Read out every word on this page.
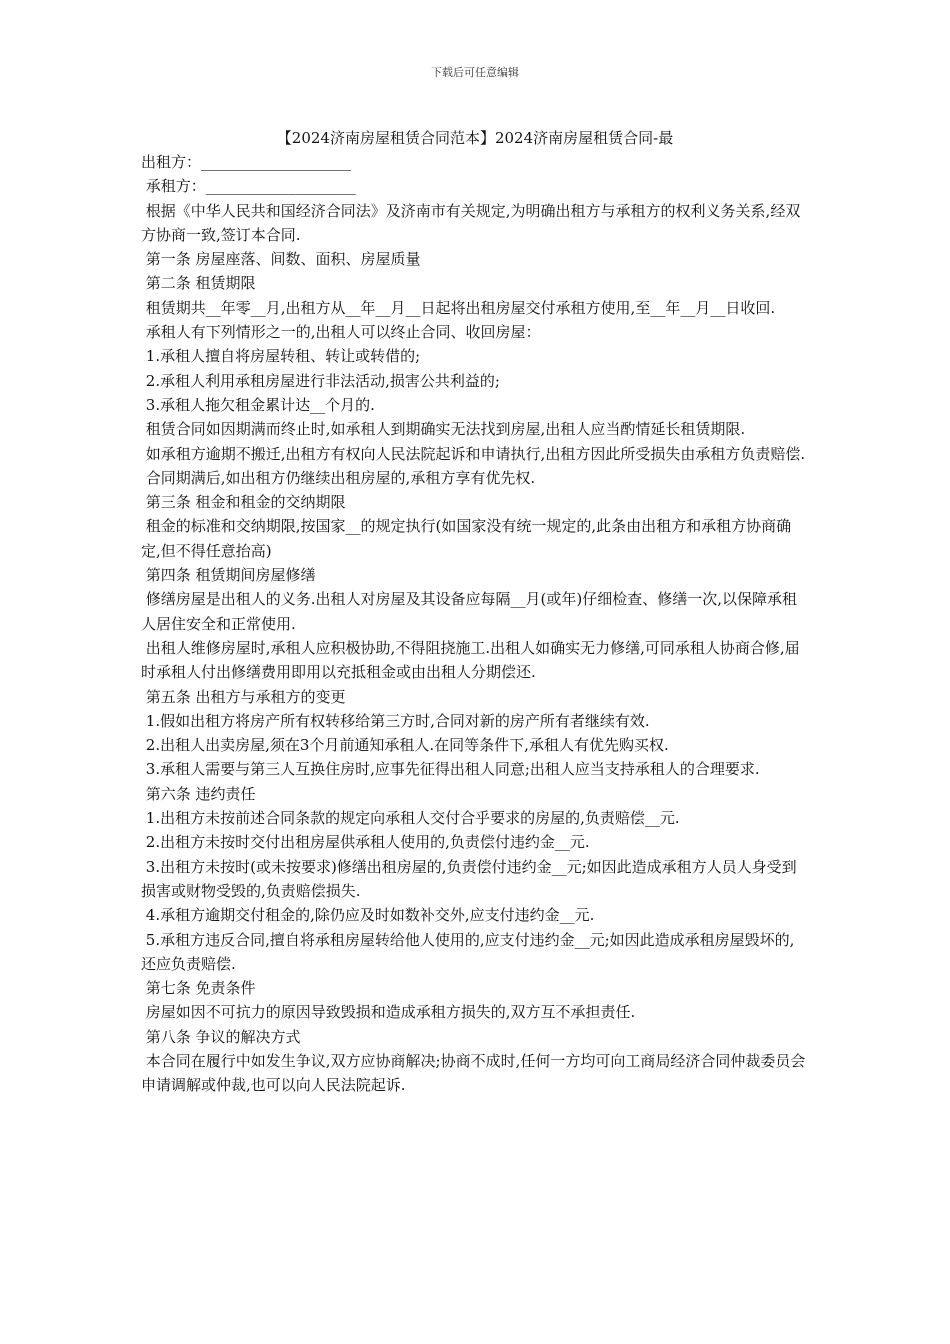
下载后可任意编辑
【2024济南房屋租赁合同范本】2024济南房屋租赁合同-最

出租方：____________________

承租方：____________________

根据《中华人民共和国经济合同法》及济南市有关规定,为明确出租方与承租方的权利义务关系,经双方协商一致,签订本合同.

第一条 房屋座落、间数、面积、房屋质量

第二条 租赁期限

租赁期共__年零__月,出租方从__年__月__日起将出租房屋交付承租方使用,至__年__月__日收回.

承租人有下列情形之一的,出租人可以终止合同、收回房屋：

1.承租人擅自将房屋转租、转让或转借的;

2.承租人利用承租房屋进行非法活动,损害公共利益的;

3.承租人拖欠租金累计达__个月的.

租赁合同如因期满而终止时,如承租人到期确实无法找到房屋,出租人应当酌情延长租赁期限.

如承租方逾期不搬迁,出租方有权向人民法院起诉和申请执行,出租方因此所受损失由承租方负责赔偿.

合同期满后,如出租方仍继续出租房屋的,承租方享有优先权.

第三条 租金和租金的交纳期限

租金的标准和交纳期限,按国家__的规定执行(如国家没有统一规定的,此条由出租方和承租方协商确定,但不得任意抬高)

第四条 租赁期间房屋修缮

修缮房屋是出租人的义务.出租人对房屋及其设备应每隔__月(或年)仔细检查、修缮一次,以保障承租人居住安全和正常使用.

出租人维修房屋时,承租人应积极协助,不得阻挠施工.出租人如确实无力修缮,可同承租人协商合修,届时承租人付出修缮费用即用以充抵租金或由出租人分期偿还.

第五条 出租方与承租方的变更

1.假如出租方将房产所有权转移给第三方时,合同对新的房产所有者继续有效.

2.出租人出卖房屋,须在3个月前通知承租人.在同等条件下,承租人有优先购买权.

3.承租人需要与第三人互换住房时,应事先征得出租人同意;出租人应当支持承租人的合理要求.

第六条 违约责任

1.出租方未按前述合同条款的规定向承租人交付合乎要求的房屋的,负责赔偿__元.

2.出租方未按时交付出租房屋供承租人使用的,负责偿付违约金__元.

3.出租方未按时(或未按要求)修缮出租房屋的,负责偿付违约金__元;如因此造成承租方人员人身受到损害或财物受毁的,负责赔偿损失.

4.承租方逾期交付租金的,除仍应及时如数补交外,应支付违约金__元.

5.承租方违反合同,擅自将承租房屋转给他人使用的,应支付违约金__元;如因此造成承租房屋毁坏的,还应负责赔偿.

第七条 免责条件

房屋如因不可抗力的原因导致毁损和造成承租方损失的,双方互不承担责任.

第八条 争议的解决方式

本合同在履行中如发生争议,双方应协商解决;协商不成时,任何一方均可向工商局经济合同仲裁委员会申请调解或仲裁,也可以向人民法院起诉.
